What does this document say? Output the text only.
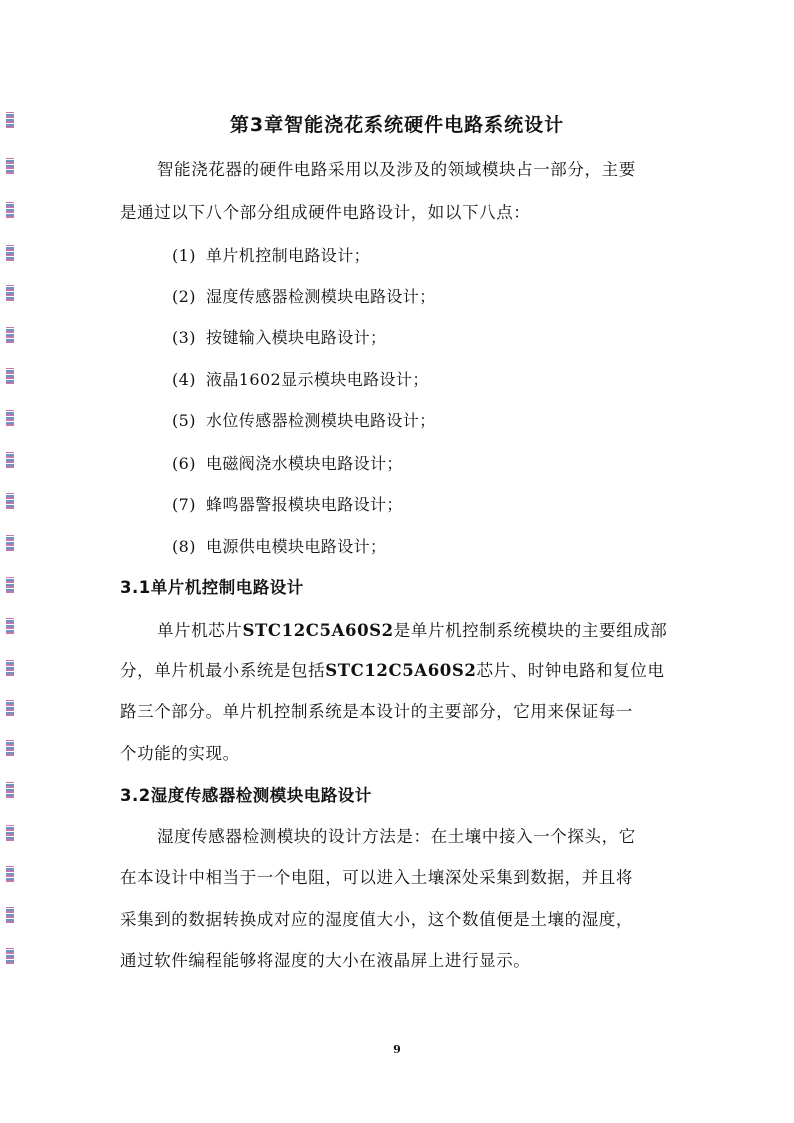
第3章智能浇花系统硬件电路系统设计
智能浇花器的硬件电路采用以及涉及的领域模块占一部分，主要
是通过以下八个部分组成硬件电路设计，如以下八点：
(1) 单片机控制电路设计；
(2) 湿度传感器检测模块电路设计；
(3) 按键输入模块电路设计；
(4) 液晶1602显示模块电路设计；
(5) 水位传感器检测模块电路设计；
(6) 电磁阀浇水模块电路设计；
(7) 蜂鸣器警报模块电路设计；
(8) 电源供电模块电路设计；
3.1单片机控制电路设计
单片机芯片STC12C5A60S2是单片机控制系统模块的主要组成部
分，单片机最小系统是包括STC12C5A60S2芯片、时钟电路和复位电
路三个部分。单片机控制系统是本设计的主要部分，它用来保证每一
个功能的实现。
3.2湿度传感器检测模块电路设计
湿度传感器检测模块的设计方法是：在土壤中接入一个探头，它
在本设计中相当于一个电阻，可以进入土壤深处采集到数据，并且将
采集到的数据转换成对应的湿度值大小，这个数值便是土壤的湿度，
通过软件编程能够将湿度的大小在液晶屏上进行显示。
9
